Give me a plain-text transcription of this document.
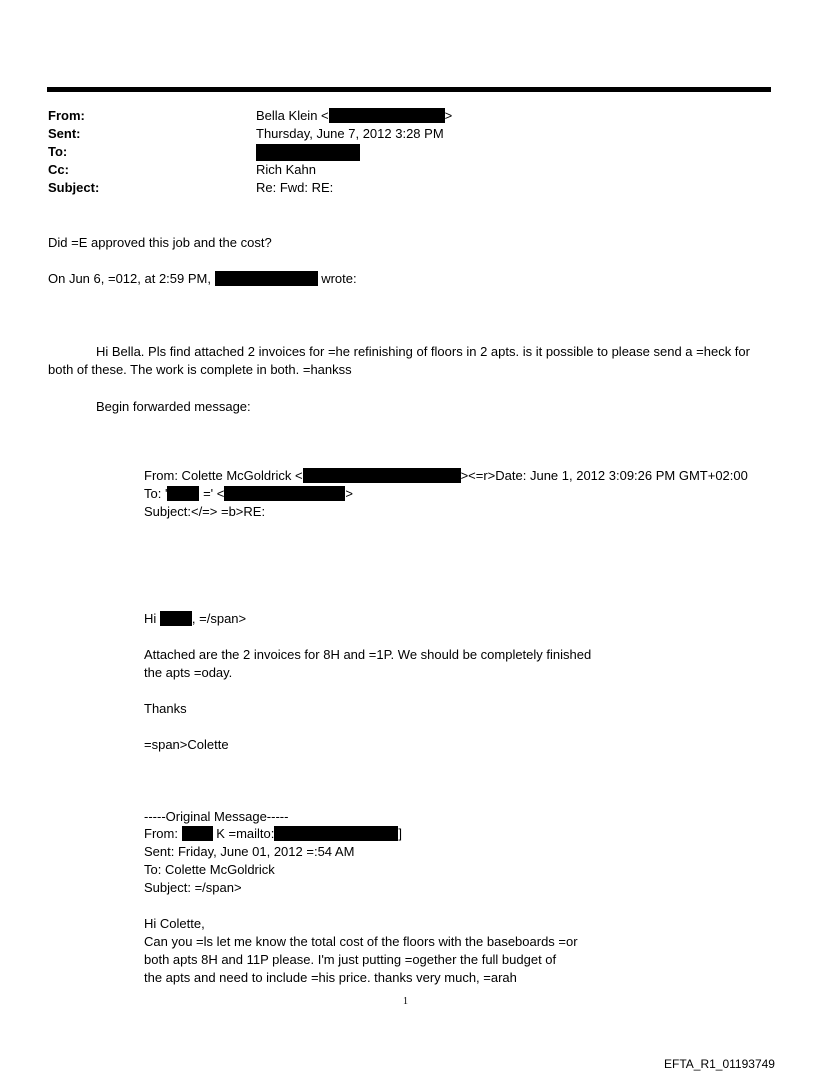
From:	Bella Klein <	>
Sent:	Thursday, June 7, 2012 3:28 PM
To:
Cc:	Rich Kahn
Subject:	Re: Fwd: RE:
Did =E approved this job and the cost?
On Jun 6, =012, at 2:59 PM,	wrote:
Hi Bella. Pls find attached 2 invoices for =he refinishing of floors in 2 apts. is it possible to please send a =heck for
both of these. The work is complete in both. =hankss
Begin forwarded message:
From: Colette McGoldrick <	><=r>Date: June 1, 2012 3:09:26 PM GMT+02:00
To: '	=' <	>
Subject:</=> =b>RE:
Hi	, =/span>
Attached are the 2 invoices for 8H and =1P. We should be completely finished
the apts =oday.
Thanks
=span>Colette
-----Original Message-----
From:	K =mailto:	]
Sent: Friday, June 01, 2012 =:54 AM
To: Colette McGoldrick
Subject: =/span>
Hi Colette,
Can you =ls let me know the total cost of the floors with the baseboards =or
both apts 8H and 11P please. I'm just putting =ogether the full budget of
the apts and need to include =his price. thanks very much, =arah
1
EFTA_R1_01193749
